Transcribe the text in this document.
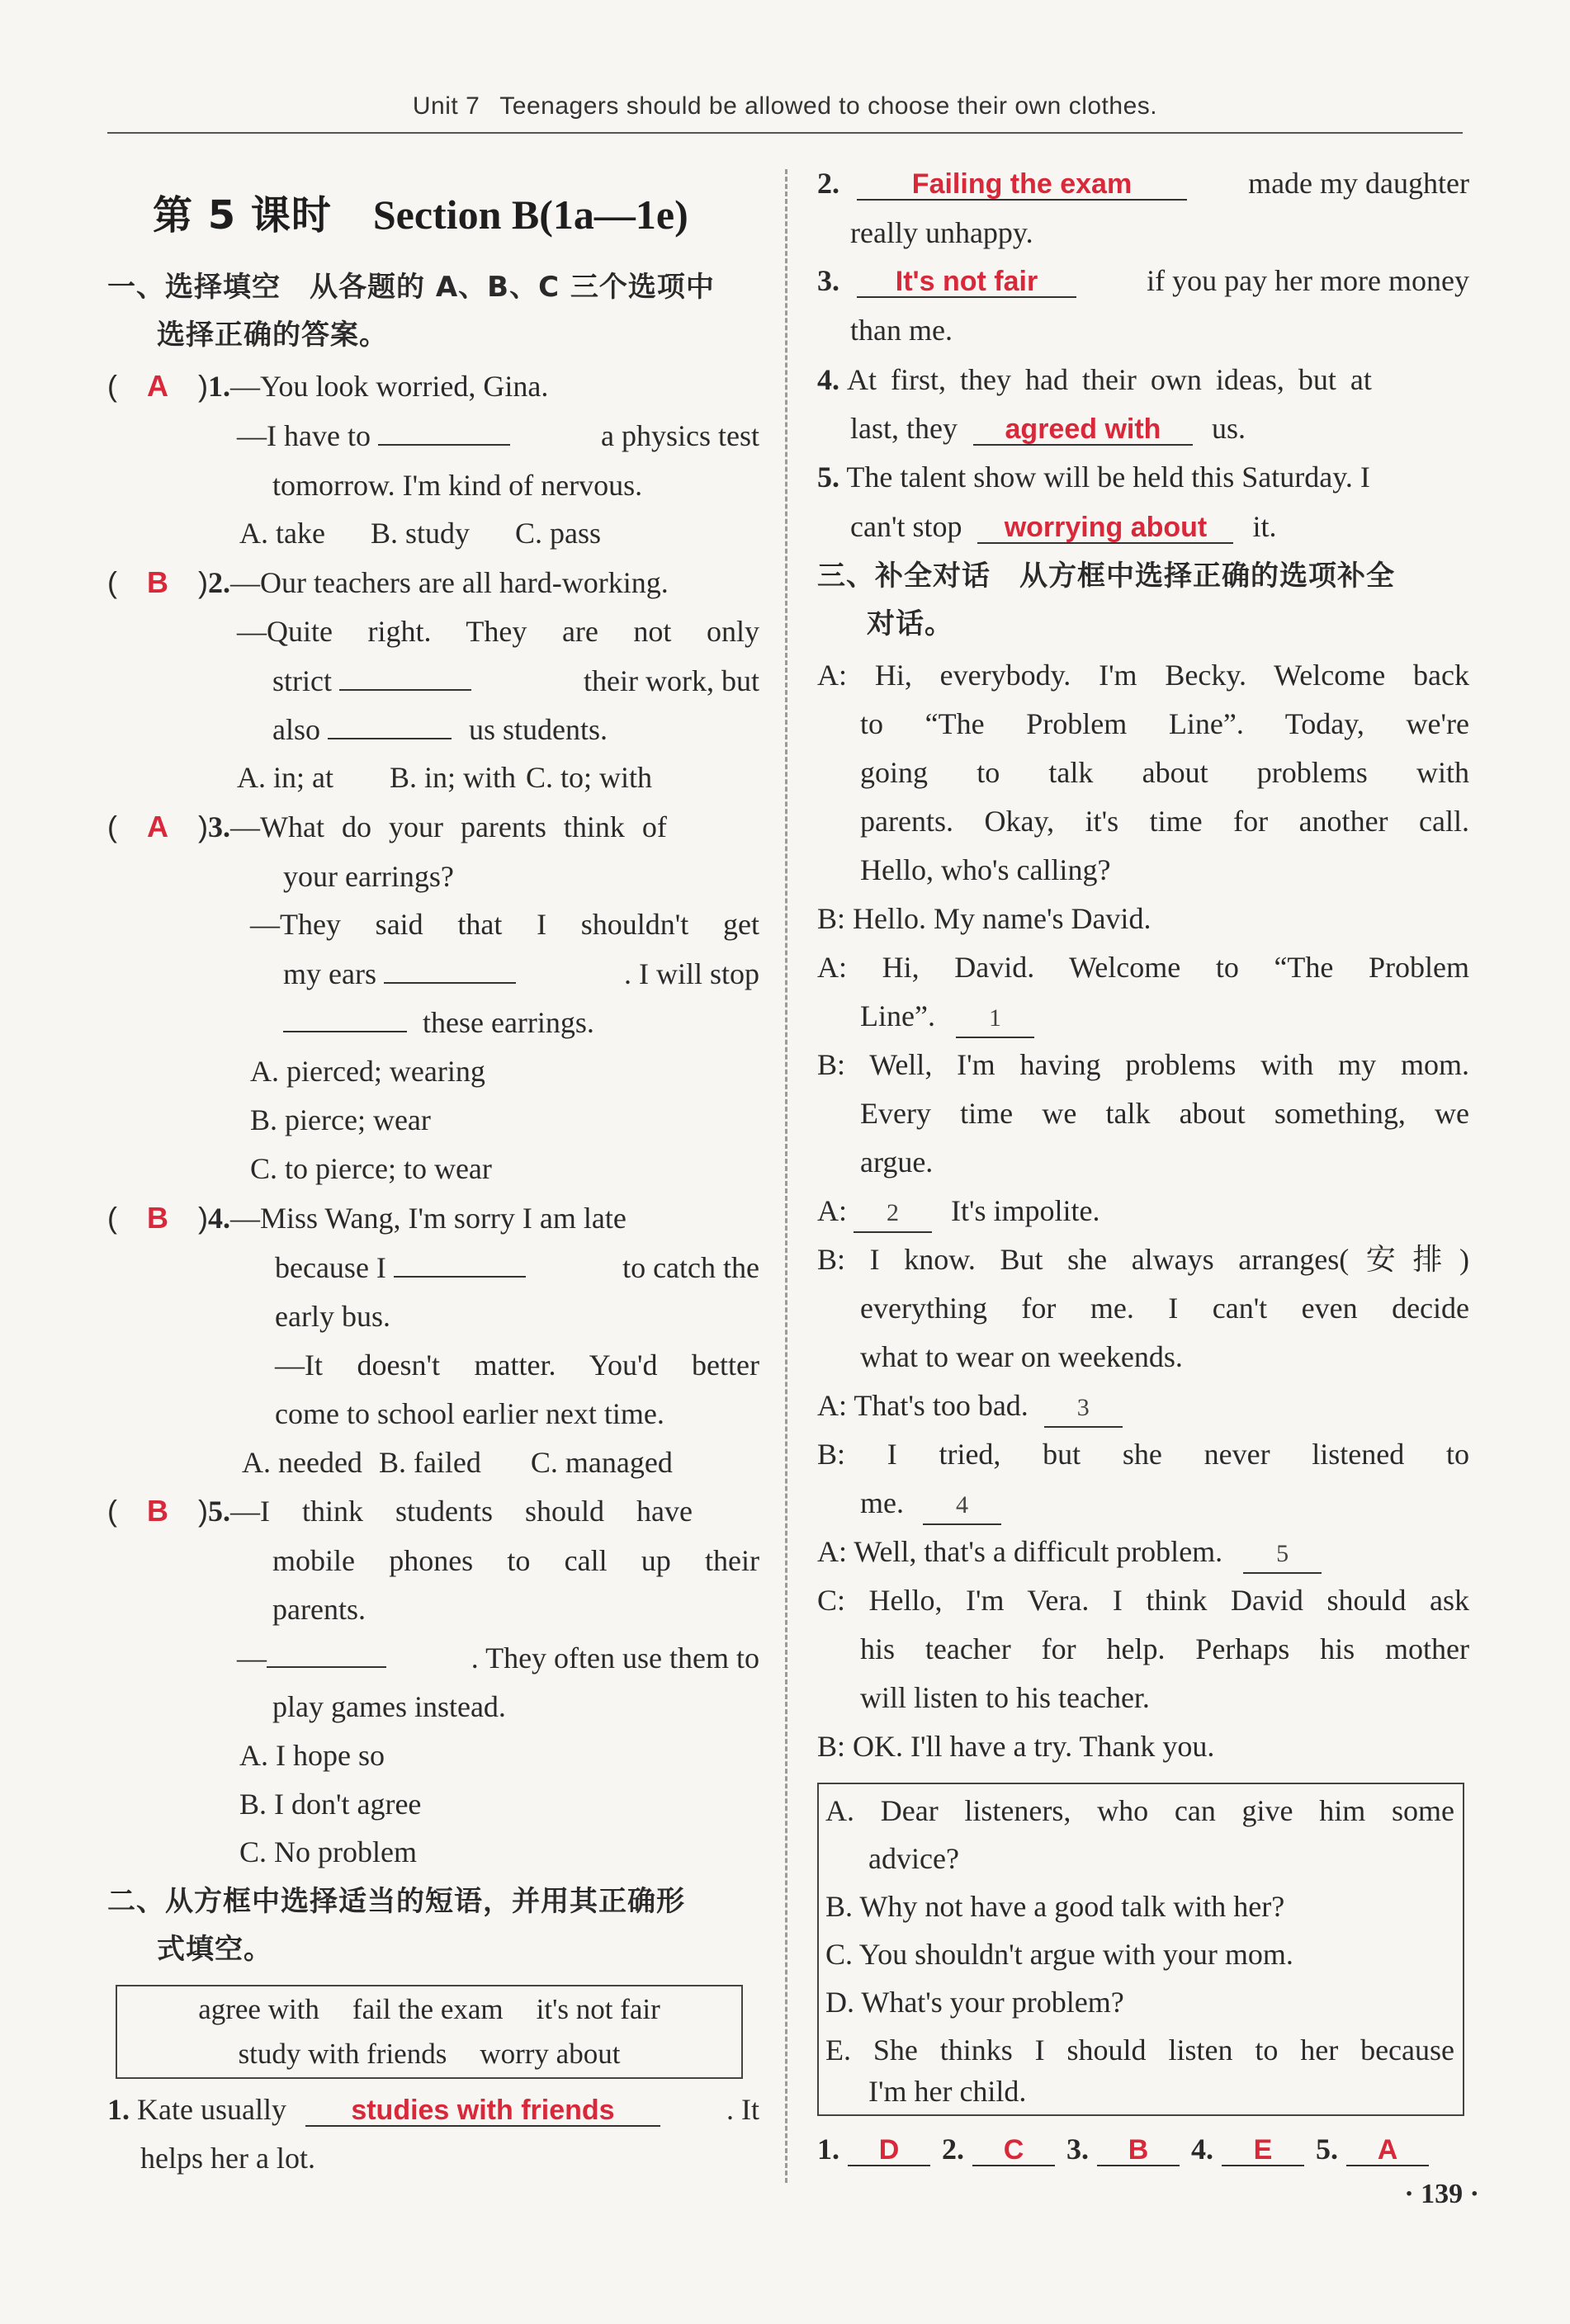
Unit 7 Teenagers should be allowed to choose their own clothes.
第 5 课时 Section B(1a—1e)
一、选择填空　从各题的 A、B、C 三个选项中
选择正确的答案。
(　A　)1.—You look worried, Gina.
—I have to	a physics test
tomorrow. I'm kind of nervous.
A. take B. study C. pass
(　B　)2.—Our teachers are all hard-working.
—Quite right. They are not only
strict	their work, but
also	us students.
A. in; at B. in; with C. to; with
(　A　)3.—What do your parents think of
your earrings?
—They said that I shouldn't get
my ears	. I will stop
these earrings.
A. pierced; wearing
B. pierce; wear
C. to pierce; to wear
(　B　)4.—Miss Wang, I'm sorry I am late
because I	to catch the
early bus.
—It doesn't matter. You'd better
come to school earlier next time.
A. needed B. failed C. managed
(　B　)5.—I think students should have
mobile phones to call up their
parents.
—	. They often use them to
play games instead.
A. I hope so
B. I don't agree
C. No problem
二、从方框中选择适当的短语，并用其正确形
式填空。
agree with fail the exam it's not fair
study with friends worry about
1. Kate usually studies with friends	. It
helps her a lot.
2.	Failing the exam	made my daughter
really unhappy.
3. It's not fair	if you pay her more money
than me.
4. At first, they had their own ideas, but at
last, they agreed with us.
5. The talent show will be held this Saturday. I
can't stop worrying about it.
三、补全对话　从方框中选择正确的选项补全
对话。
A: Hi, everybody. I'm Becky. Welcome back
to “The Problem Line”. Today, we're
going to talk about problems with
parents. Okay, it's time for another call.
Hello, who's calling?
B: Hello. My name's David.
A: Hi, David. Welcome to “The Problem
Line”. 1
B: Well, I'm having problems with my mom.
Every time we talk about something, we
argue.
A: 2 It's impolite.
B: I know. But she always arranges(安排)
everything for me. I can't even decide
what to wear on weekends.
A: That's too bad. 3
B: I tried, but she never listened to
me. 4
A: Well, that's a difficult problem. 5
C: Hello, I'm Vera. I think David should ask
his teacher for help. Perhaps his mother
will listen to his teacher.
B: OK. I'll have a try. Thank you.
A. Dear listeners, who can give him some
advice?
B. Why not have a good talk with her?
C. You shouldn't argue with your mom.
D. What's your problem?
E. She thinks I should listen to her because
I'm her child.
1. D 2. C 3. B 4. E 5. A
· 139 ·
